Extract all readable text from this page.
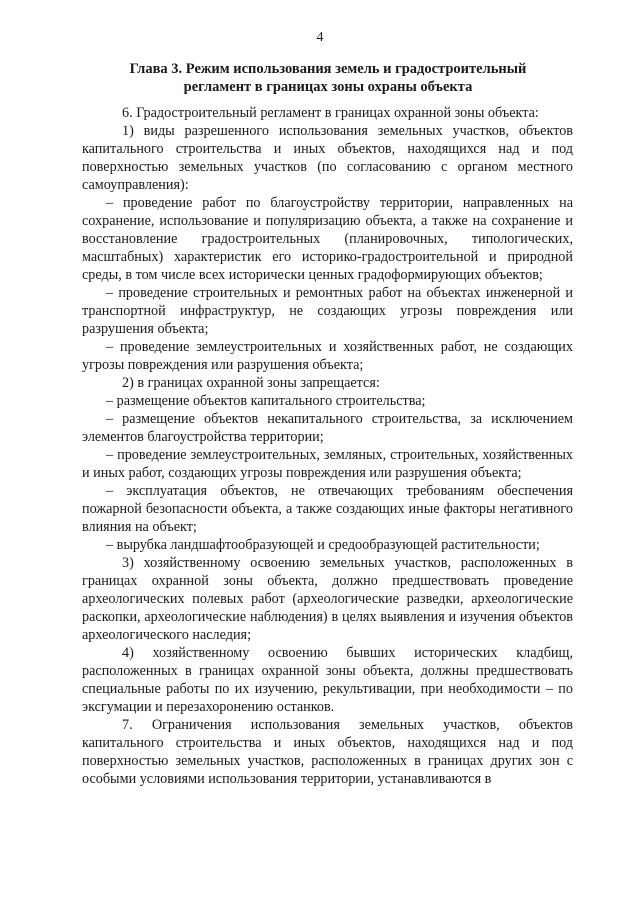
4
Глава 3. Режим использования земель и градостроительный
регламент в границах зоны охраны объекта

6. Градостроительный регламент в границах охранной зоны объекта:

1) виды разрешенного использования земельных участков, объектов капитального строительства и иных объектов, находящихся над и под поверхностью земельных участков (по согласованию с органом местного самоуправления):

– проведение работ по благоустройству территории, направленных на сохранение, использование и популяризацию объекта, а также на сохранение и восстановление градостроительных (планировочных, типологических, масштабных) характеристик его историко-градостроительной и природной среды, в том числе всех исторически ценных градоформирующих объектов;

– проведение строительных и ремонтных работ на объектах инженерной и транспортной инфраструктур, не создающих угрозы повреждения или разрушения объекта;

– проведение землеустроительных и хозяйственных работ, не создающих угрозы повреждения или разрушения объекта;

2) в границах охранной зоны запрещается:

– размещение объектов капитального строительства;

– размещение объектов некапитального строительства, за исключением элементов благоустройства территории;

– проведение землеустроительных, земляных, строительных, хозяйственных и иных работ, создающих угрозы повреждения или разрушения объекта;

– эксплуатация объектов, не отвечающих требованиям обеспечения пожарной безопасности объекта, а также создающих иные факторы негативного влияния на объект;

– вырубка ландшафтообразующей и средообразующей растительности;

3) хозяйственному освоению земельных участков, расположенных в границах охранной зоны объекта, должно предшествовать проведение археологических полевых работ (археологические разведки, археологические раскопки, археологические наблюдения) в целях выявления и изучения объектов археологического наследия;

4) хозяйственному освоению бывших исторических кладбищ, расположенных в границах охранной зоны объекта, должны предшествовать специальные работы по их изучению, рекультивации, при необходимости – по эксгумации и перезахоронению останков.

7. Ограничения использования земельных участков, объектов капитального строительства и иных объектов, находящихся над и под поверхностью земельных участков, расположенных в границах других зон с особыми условиями использования территории, устанавливаются в
